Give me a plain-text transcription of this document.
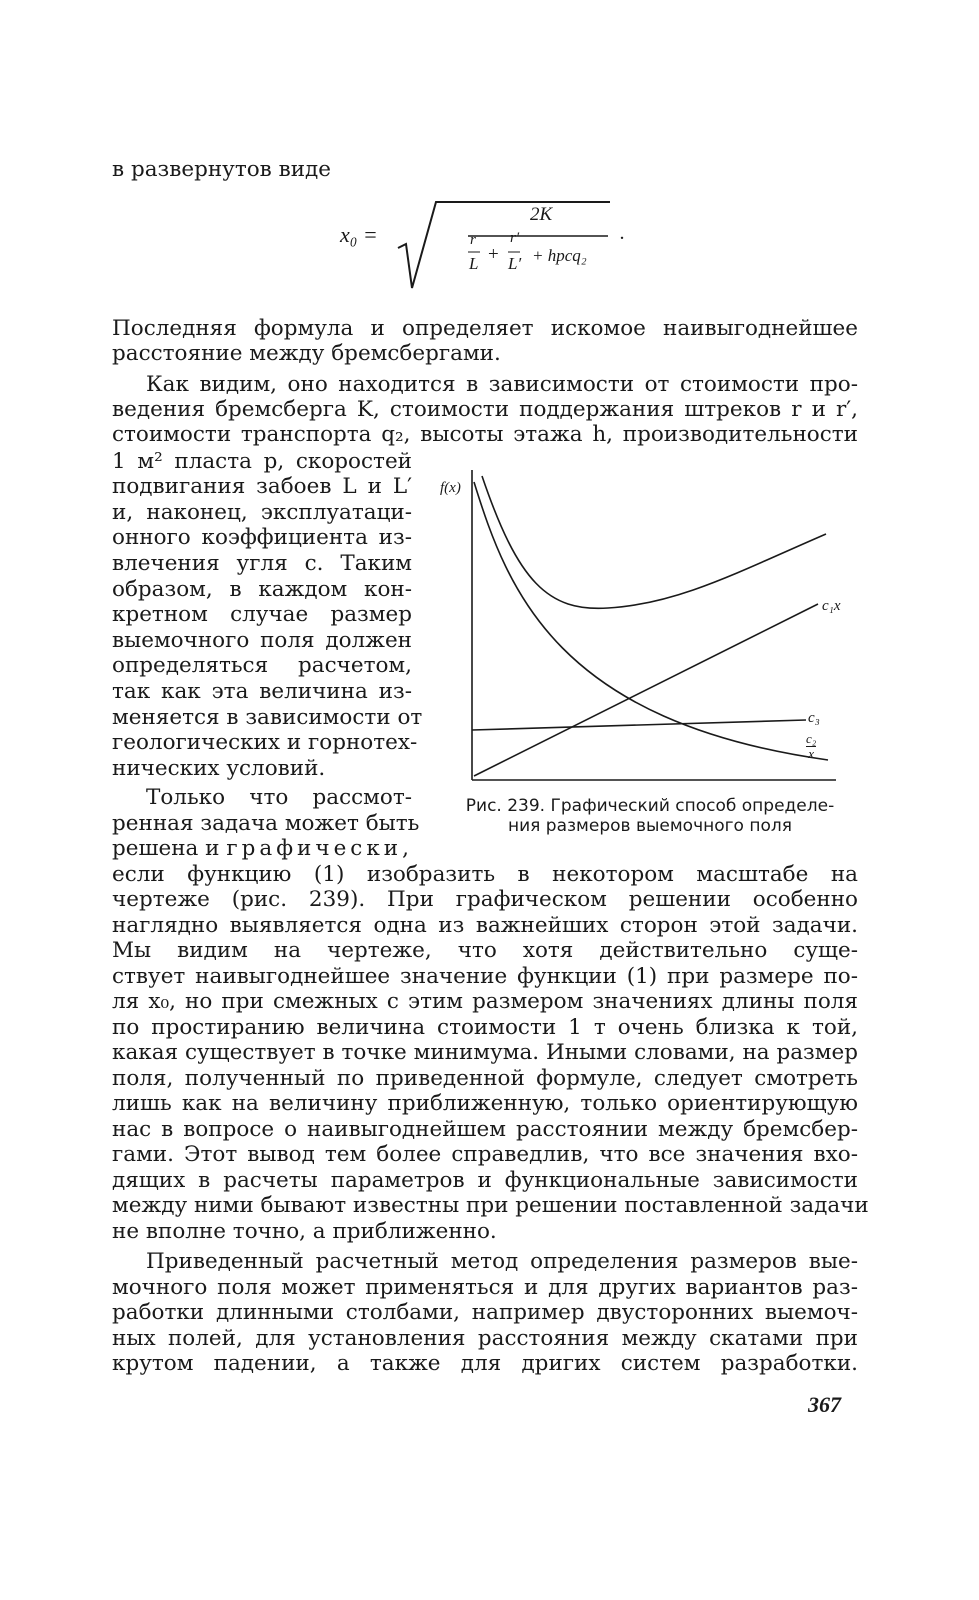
в развернутов виде
x₀ =
2K
r
L +
r′
L′ + hpcq₂
.
Последняя формула и определяет искомое наивыгоднейшее
расстояние между бремсбергами.
Как видим, оно находится в зависимости от стоимости про-
ведения бремсберга K, стоимости поддержания штреков r и r′,
стоимости транспорта q₂, высоты этажа h, производительности
1 м² пласта p, скоростей
подвигания забоев L и L′
и, наконец, эксплуатаци-
онного коэффициента из-
влечения угля c. Таким
образом, в каждом кон-
кретном случае размер
выемочного поля должен
определяться расчетом,
так как эта величина из-
меняется в зависимости от
геологических и горнотех-
нических условий.
Только что рассмот-
ренная задача может быть
решена и графически,
f(x)
c₁x
c₃
$\frac{\text{c₂}}{x}$
Рис. 239. Графический способ определе-
ния размеров выемочного поля
если функцию (1) изобразить в некотором масштабе на
чертеже (рис. 239). При графическом решении особенно
наглядно выявляется одна из важнейших сторон этой задачи.
Мы видим на чертеже, что хотя действительно суще-
ствует наивыгоднейшее значение функции (1) при размере по-
ля x₀, но при смежных с этим размером значениях длины поля
по простиранию величина стоимости 1 т очень близка к той,
какая существует в точке минимума. Иными словами, на размер
поля, полученный по приведенной формуле, следует смотреть
лишь как на величину приближенную, только ориентирующую
нас в вопросе о наивыгоднейшем расстоянии между бремсбер-
гами. Этот вывод тем более справедлив, что все значения вхо-
дящих в расчеты параметров и функциональные зависимости
между ними бывают известны при решении поставленной задачи
не вполне точно, а приближенно.
Приведенный расчетный метод определения размеров выe-
мочного поля может применяться и для других вариантов раз-
работки длинными столбами, например двусторонних выемоч-
ных полей, для установления расстояния между скатами при
крутом падении, а также для дригих систем разработки.
367
